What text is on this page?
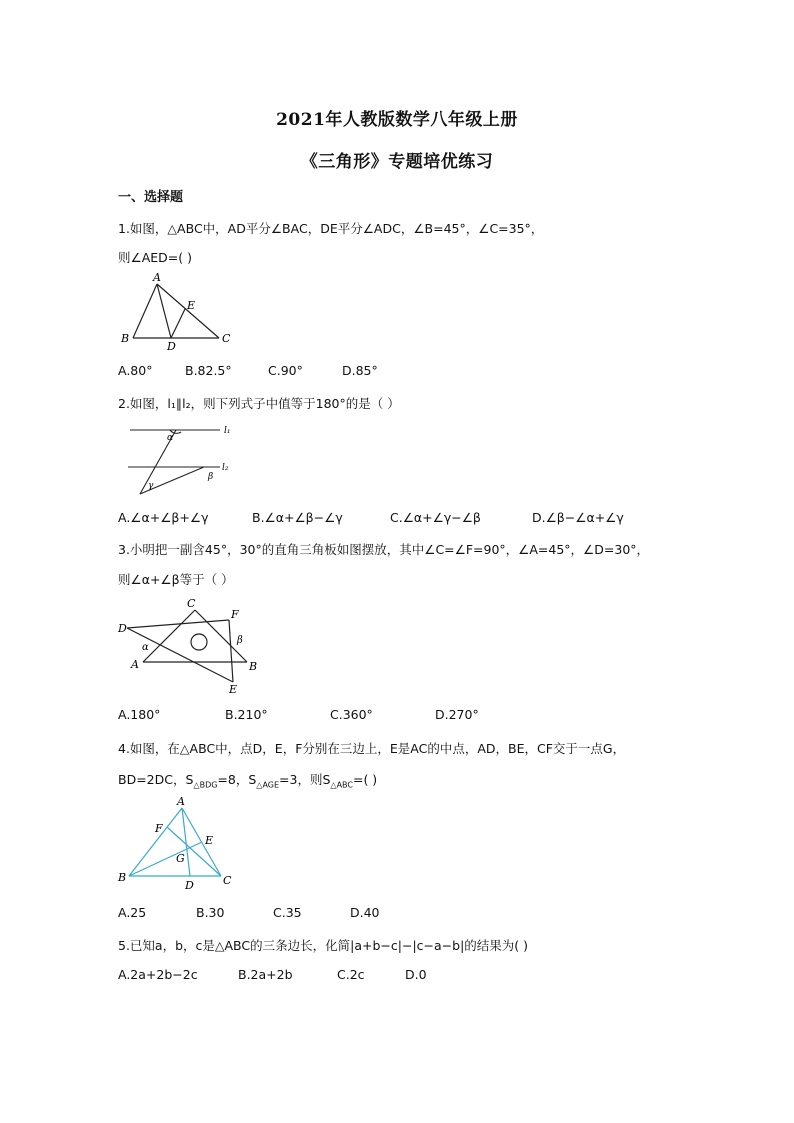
2021年人教版数学八年级上册
《三角形》专题培优练习
一、选择题
1.如图，△ABC中，AD平分∠BAC，DE平分∠ADC，∠B=45°，∠C=35°，
则∠AED=( )
A
B	C
D
E
A.80°	B.82.5°	C.90°	D.85°
2.如图，l₁∥l₂，则下列式子中值等于180°的是（ ）
l₁
l₂
α
β
γ
A.∠α+∠β+∠γ	B.∠α+∠β−∠γ	C.∠α+∠γ−∠β	D.∠β−∠α+∠γ
3.小明把一副含45°，30°的直角三角板如图摆放，其中∠C=∠F=90°，∠A=45°，∠D=30°，
则∠α+∠β等于（ ）
C
F
D
A	B
E
α
β
A.180°	B.210°	C.360°	D.270°
4.如图，在△ABC中，点D，E，F分别在三边上，E是AC的中点，AD，BE，CF交于一点G，
BD=2DC，$S_{\triangle BDG}=8$，$S_{\triangle AGE}=3$，则$S_{\triangle ABC}=$( )
A
F
E
G
B	C
D
A.25	B.30	C.35	D.40
5.已知a，b，c是△ABC的三条边长，化简|a+b−c|−|c−a−b|的结果为( )
A.2a+2b−2c	B.2a+2b	C.2c	D.0
